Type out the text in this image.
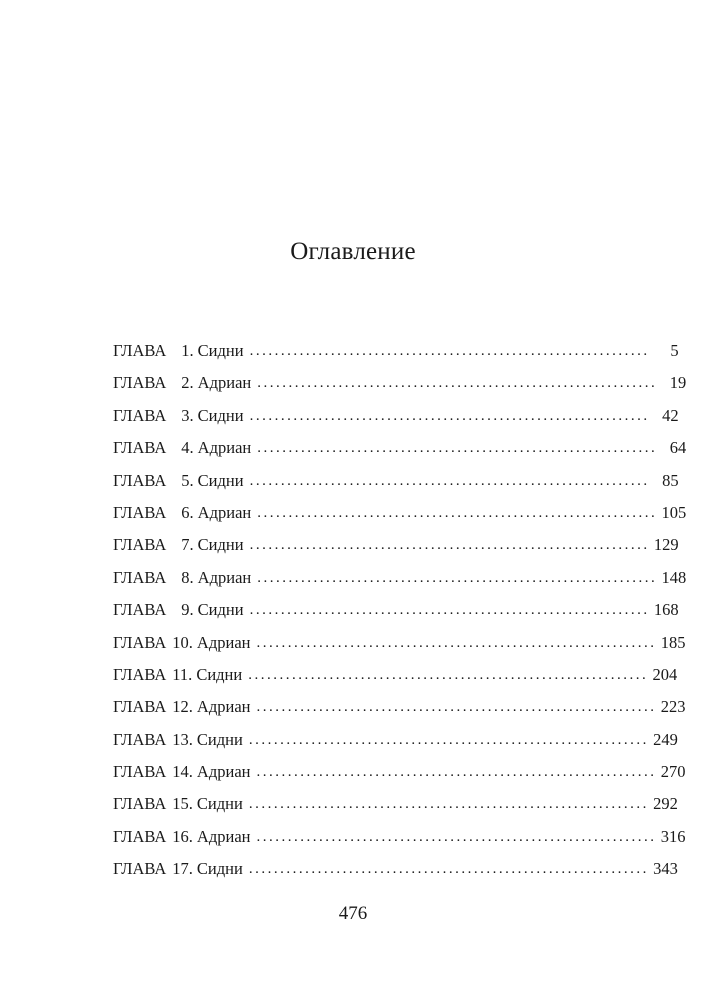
Оглавление
ГЛАВА 1. Сидни ................................................................	5
ГЛАВА 2. Адриан ................................................................ 19
ГЛАВА 3. Сидни ................................................................ 42
ГЛАВА 4. Адриан ................................................................ 64
ГЛАВА 5. Сидни ................................................................ 85
ГЛАВА 6. Адриан ................................................................ 105
ГЛАВА 7. Сидни ................................................................ 129
ГЛАВА 8. Адриан ................................................................ 148
ГЛАВА 9. Сидни ................................................................ 168
ГЛАВА 10. Адриан ................................................................ 185
ГЛАВА 11. Сидни ................................................................ 204
ГЛАВА 12. Адриан ................................................................ 223
ГЛАВА 13. Сидни ................................................................ 249
ГЛАВА 14. Адриан ................................................................ 270
ГЛАВА 15. Сидни ................................................................ 292
ГЛАВА 16. Адриан ................................................................ 316
ГЛАВА 17. Сидни ................................................................ 343
476
